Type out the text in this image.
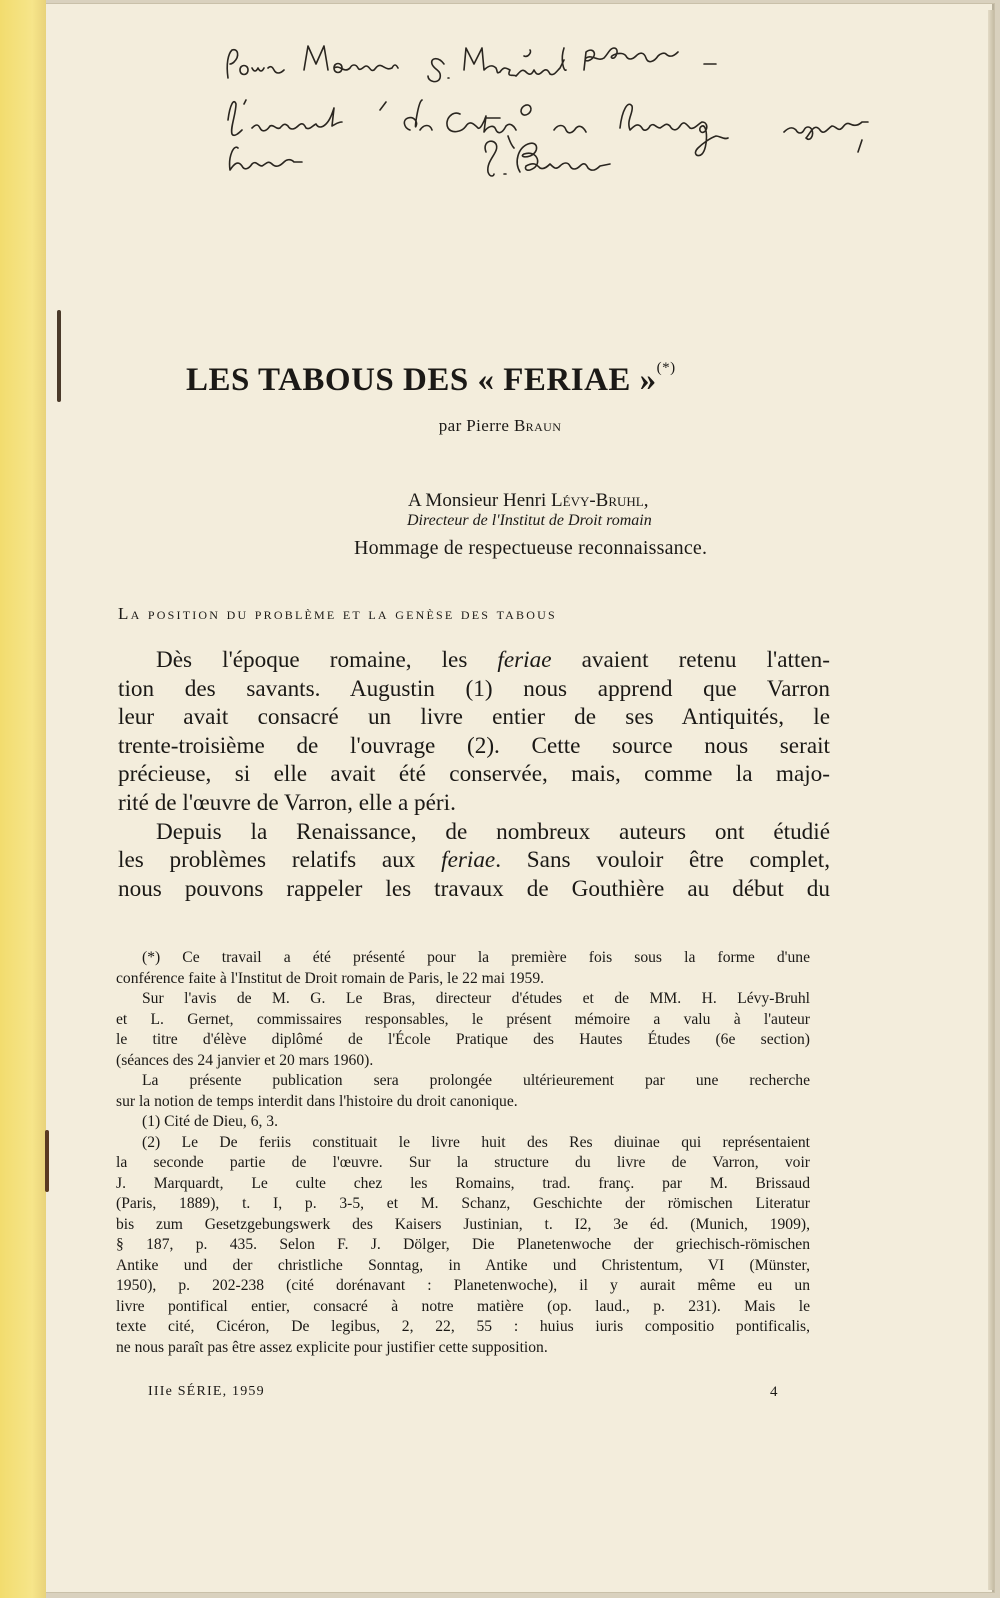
LES TABOUS DES « FERIAE »(*)
par Pierre Braun
A Monsieur Henri Lévy-Bruhl,
Directeur de l'Institut de Droit romain
Hommage de respectueuse reconnaissance.
La position du problème et la genèse des tabous
Dès l'époque romaine, les feriae avaient retenu l'atten-
tion des savants. Augustin (1) nous apprend que Varron
leur avait consacré un livre entier de ses Antiquités, le
trente-troisième de l'ouvrage (2). Cette source nous serait
précieuse, si elle avait été conservée, mais, comme la majo-
rité de l'œuvre de Varron, elle a péri.
Depuis la Renaissance, de nombreux auteurs ont étudié
les problèmes relatifs aux feriae. Sans vouloir être complet,
nous pouvons rappeler les travaux de Gouthière au début du
(*) Ce travail a été présenté pour la première fois sous la forme d'une
conférence faite à l'Institut de Droit romain de Paris, le 22 mai 1959.
Sur l'avis de M. G. Le Bras, directeur d'études et de MM. H. Lévy-Bruhl
et L. Gernet, commissaires responsables, le présent mémoire a valu à l'auteur
le titre d'élève diplômé de l'École Pratique des Hautes Études (6e section)
(séances des 24 janvier et 20 mars 1960).
La présente publication sera prolongée ultérieurement par une recherche
sur la notion de temps interdit dans l'histoire du droit canonique.
(1) Cité de Dieu, 6, 3.
(2) Le De feriis constituait le livre huit des Res diuinae qui représentaient
la seconde partie de l'œuvre. Sur la structure du livre de Varron, voir
J. Marquardt, Le culte chez les Romains, trad. franç. par M. Brissaud
(Paris, 1889), t. I, p. 3-5, et M. Schanz, Geschichte der römischen Literatur
bis zum Gesetzgebungswerk des Kaisers Justinian, t. I2, 3e éd. (Munich, 1909),
§ 187, p. 435. Selon F. J. Dölger, Die Planetenwoche der griechisch-römischen
Antike und der christliche Sonntag, in Antike und Christentum, VI (Münster,
1950), p. 202-238 (cité dorénavant : Planetenwoche), il y aurait même eu un
livre pontifical entier, consacré à notre matière (op. laud., p. 231). Mais le
texte cité, Cicéron, De legibus, 2, 22, 55 : huius iuris compositio pontificalis,
ne nous paraît pas être assez explicite pour justifier cette supposition.
IIIe SÉRIE, 1959	4
